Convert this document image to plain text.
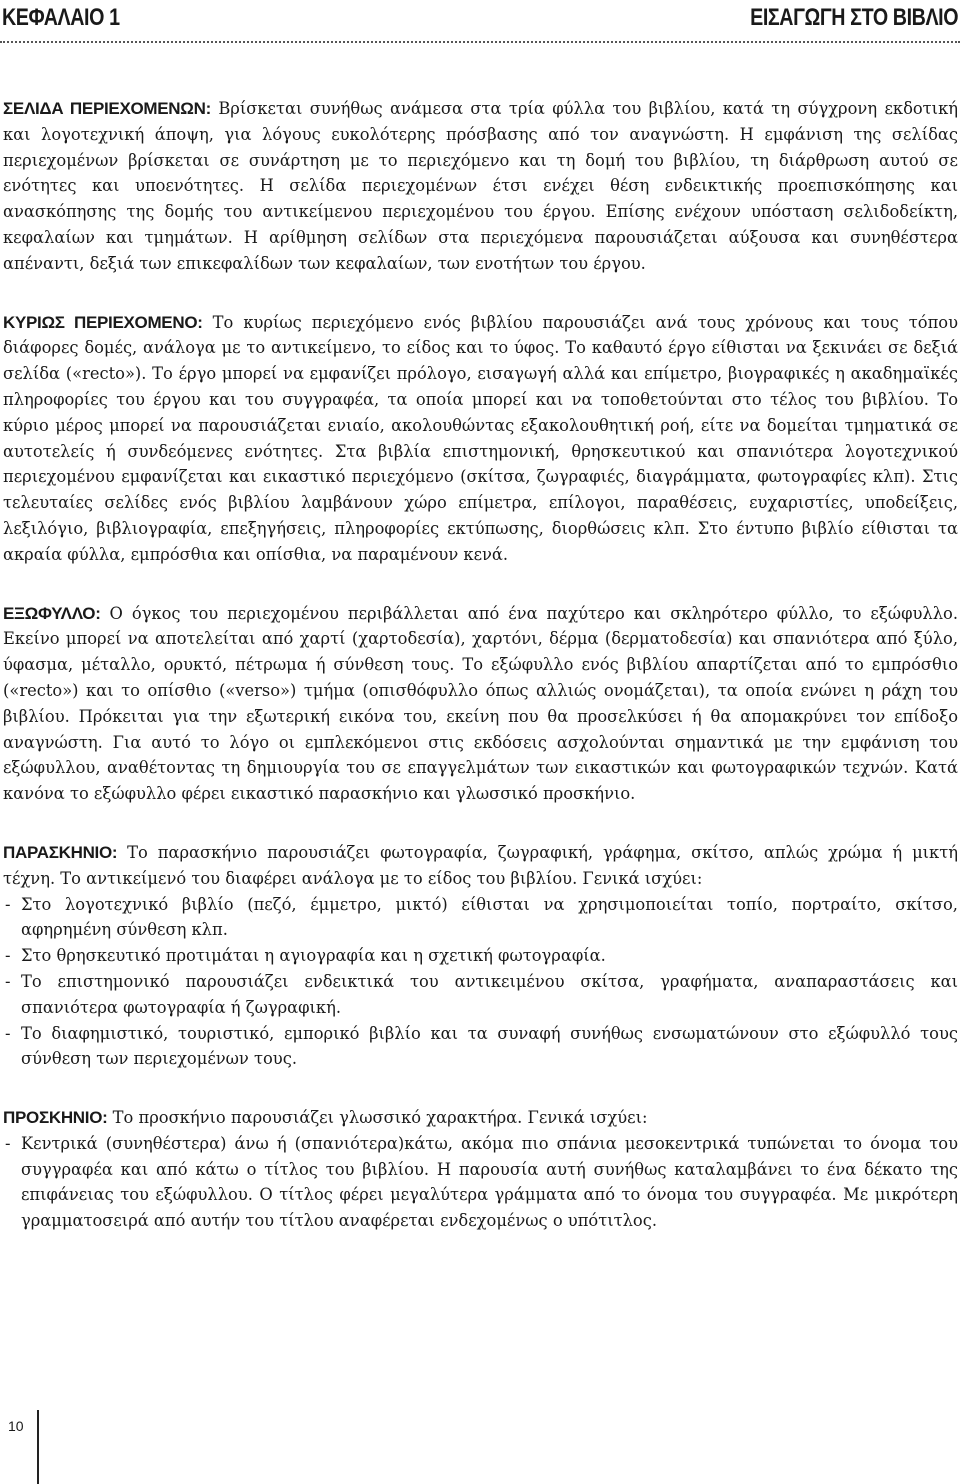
ΚΕΦΑΛΑΙΟ 1	ΕΙΣΑΓΩΓΗ ΣΤΟ ΒΙΒΛΙΟ

ΣΕΛΙΔΑ ΠΕΡΙΕΧΟΜΕΝΩΝ: Βρίσκεται συνήθως ανάμεσα στα τρία φύλλα του βιβλίου, κατά τη σύγχρονη εκδοτική και λογοτεχνική άποψη, για λόγους ευκολότερης πρόσβασης από τον αναγνώστη. Η εμφάνιση της σελίδας περιεχομένων βρίσκεται σε συνάρτηση με το περιεχόμενο και τη δομή του βιβλίου, τη διάρθρωση αυτού σε ενότητες και υποενότητες. Η σελίδα περιεχομένων έτσι ενέχει θέση ενδεικτικής προεπισκόπησης και ανασκόπησης της δομής του αντικείμενου περιεχομένου του έργου. Επίσης ενέχουν υπόσταση σελιδοδείκτη, κεφαλαίων και τμημάτων. Η αρίθμηση σελίδων στα περιεχόμενα παρουσιάζεται αύξουσα και συνηθέστερα απέναντι, δεξιά των επικεφαλίδων των κεφαλαίων, των ενοτήτων του έργου.

ΚΥΡΙΩΣ ΠΕΡΙΕΧΟΜΕΝΟ: Το κυρίως περιεχόμενο ενός βιβλίου παρουσιάζει ανά τους χρόνους και τους τόπου διάφορες δομές, ανάλογα με το αντικείμενο, το είδος και το ύφος. Το καθαυτό έργο είθισται να ξεκινάει σε δεξιά σελίδα («recto»). Το έργο μπορεί να εμφανίζει πρόλογο, εισαγωγή αλλά και επίμετρο, βιογραφικές η ακαδημαϊκές πληροφορίες του έργου και του συγγραφέα, τα οποία μπορεί και να τοποθετούνται στο τέλος του βιβλίου. Το κύριο μέρος μπορεί να παρουσιάζεται ενιαίο, ακολουθώντας εξακολουθητική ροή, είτε να δομείται τμηματικά σε αυτοτελείς ή συνδεόμενες ενότητες. Στα βιβλία επιστημονική, θρησκευτικού και σπανιότερα λογοτεχνικού περιεχομένου εμφανίζεται και εικαστικό περιεχόμενο (σκίτσα, ζωγραφιές, διαγράμματα, φωτογραφίες κλπ). Στις τελευταίες σελίδες ενός βιβλίου λαμβάνουν χώρο επίμετρα, επίλογοι, παραθέσεις, ευχαριστίες, υποδείξεις, λεξιλόγιο, βιβλιογραφία, επεξηγήσεις, πληροφορίες εκτύπωσης, διορθώσεις κλπ. Στο έντυπο βιβλίο είθισται τα ακραία φύλλα, εμπρόσθια και οπίσθια, να παραμένουν κενά.

ΕΞΩΦΥΛΛΟ: Ο όγκος του περιεχομένου περιβάλλεται από ένα παχύτερο και σκληρότερο φύλλο, το εξώφυλλο. Εκείνο μπορεί να αποτελείται από χαρτί (χαρτοδεσία), χαρτόνι, δέρμα (δερματοδεσία) και σπανιότερα από ξύλο, ύφασμα, μέταλλο, ορυκτό, πέτρωμα ή σύνθεση τους. Το εξώφυλλο ενός βιβλίου απαρτίζεται από το εμπρόσθιο («recto») και το οπίσθιο («verso») τμήμα (οπισθόφυλλο όπως αλλιώς ονομάζεται), τα οποία ενώνει η ράχη του βιβλίου. Πρόκειται για την εξωτερική εικόνα του, εκείνη που θα προσελκύσει ή θα απομακρύνει τον επίδοξο αναγνώστη. Για αυτό το λόγο οι εμπλεκόμενοι στις εκδόσεις ασχολούνται σημαντικά με την εμφάνιση του εξώφυλλου, αναθέτοντας τη δημιουργία του σε επαγγελμάτων των εικαστικών και φωτογραφικών τεχνών. Κατά κανόνα το εξώφυλλο φέρει εικαστικό παρασκήνιο και γλωσσικό προσκήνιο.

ΠΑΡΑΣΚΗΝΙΟ: Το παρασκήνιο παρουσιάζει φωτογραφία, ζωγραφική, γράφημα, σκίτσο, απλώς χρώμα ή μικτή τέχνη. Το αντικείμενό του διαφέρει ανάλογα με το είδος του βιβλίου. Γενικά ισχύει:
- Στο λογοτεχνικό βιβλίο (πεζό, έμμετρο, μικτό) είθισται να χρησιμοποιείται τοπίο, πορτραίτο, σκίτσο, αφηρημένη σύνθεση κλπ.
- Στο θρησκευτικό προτιμάται η αγιογραφία και η σχετική φωτογραφία.
- Το επιστημονικό παρουσιάζει ενδεικτικά του αντικειμένου σκίτσα, γραφήματα, αναπαραστάσεις και σπανιότερα φωτογραφία ή ζωγραφική.
- Το διαφημιστικό, τουριστικό, εμπορικό βιβλίο και τα συναφή συνήθως ενσωματώνουν στο εξώφυλλό τους σύνθεση των περιεχομένων τους.
ΠΡΟΣΚΗΝΙΟ: Το προσκήνιο παρουσιάζει γλωσσικό χαρακτήρα. Γενικά ισχύει:
- Κεντρικά (συνηθέστερα) άνω ή (σπανιότερα)κάτω, ακόμα πιο σπάνια μεσοκεντρικά τυπώνεται το όνομα του συγγραφέα και από κάτω ο τίτλος του βιβλίου. Η παρουσία αυτή συνήθως καταλαμβάνει το ένα δέκατο της επιφάνειας του εξώφυλλου. Ο τίτλος φέρει μεγαλύτερα γράμματα από το όνομα του συγγραφέα. Με μικρότερη γραμματοσειρά από αυτήν του τίτλου αναφέρεται ενδεχομένως ο υπότιτλος.
10
